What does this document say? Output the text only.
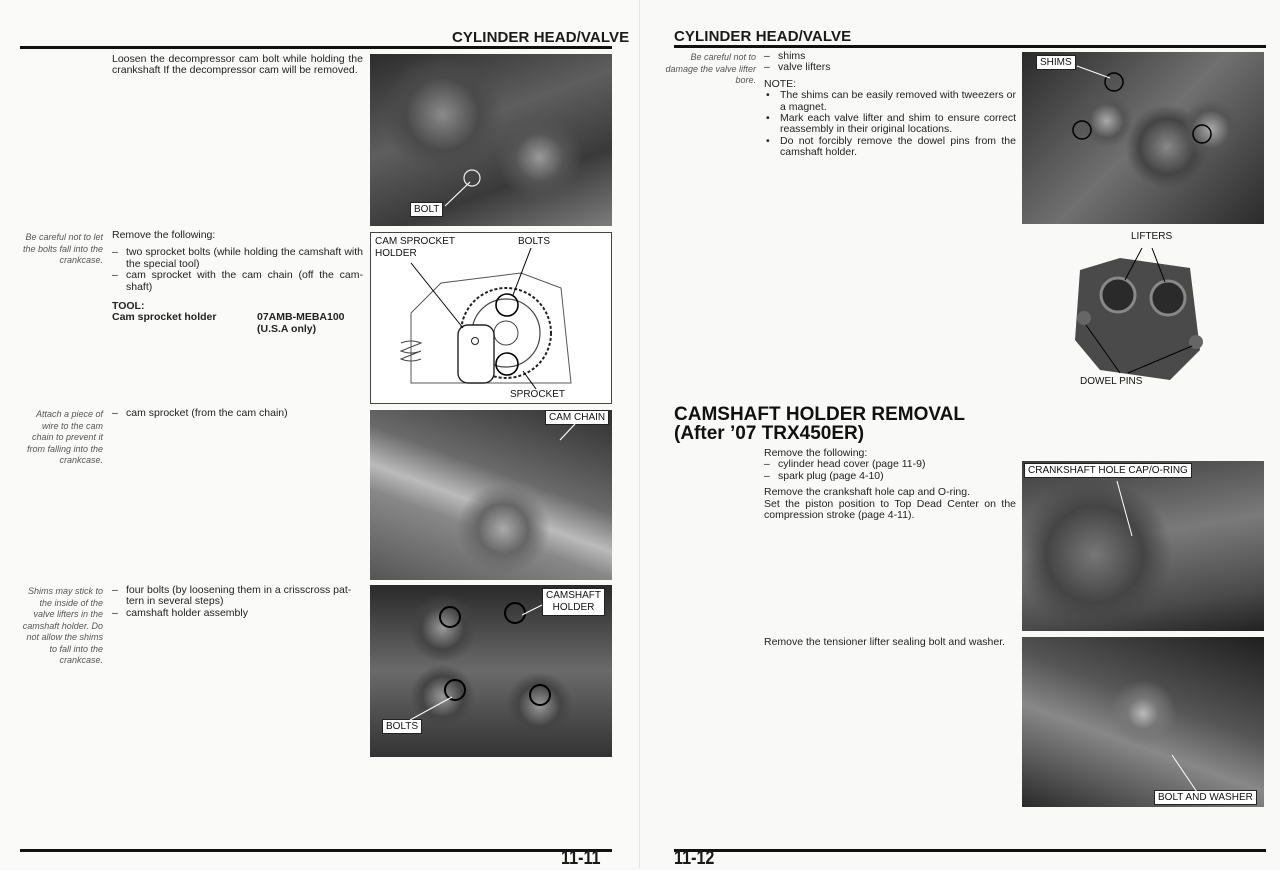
CYLINDER HEAD/VALVE
Loosen the decompressor cam bolt while holding the crankshaft If the decompressor cam will be removed.
BOLT
Be careful not to let the bolts fall into the crankcase.
Remove the following:
– two sprocket bolts (while holding the camshaft with the special tool)
– cam sprocket with the cam chain (off the cam-shaft)
TOOL:
Cam sprocket holder	07AMB-MEBA100
(U.S.A only)
CAM SPROCKET
HOLDER
BOLTS
SPROCKET
Attach a piece of wire to the cam chain to prevent it from falling into the crankcase.
– cam sprocket (from the cam chain)	CAM CHAIN
Shims may stick to the inside of the valve lifters in the camshaft holder. Do not allow the shims to fall into the crankcase.
– four bolts (by loosening them in a crisscross pat-tern in several steps)
– camshaft holder assembly
CAMSHAFT
HOLDER
BOLTS
11-11
CYLINDER HEAD/VALVE
Be careful not to damage the valve lifter bore.
– shims
– valve lifters
NOTE:
• The shims can be easily removed with tweezers or a magnet.
• Mark each valve lifter and shim to ensure correct reassembly in their original locations.
• Do not forcibly remove the dowel pins from the camshaft holder.
SHIMS
LIFTERS
DOWEL PINS
CAMSHAFT HOLDER REMOVAL
(After ’07 TRX450ER)
Remove the following:
– cylinder head cover (page 11-9)
– spark plug (page 4-10)
Remove the crankshaft hole cap and O-ring.
Set the piston position to Top Dead Center on the compression stroke (page 4-11).
CRANKSHAFT HOLE CAP/O-RING
Remove the tensioner lifter sealing bolt and washer.
BOLT AND WASHER
11-12
